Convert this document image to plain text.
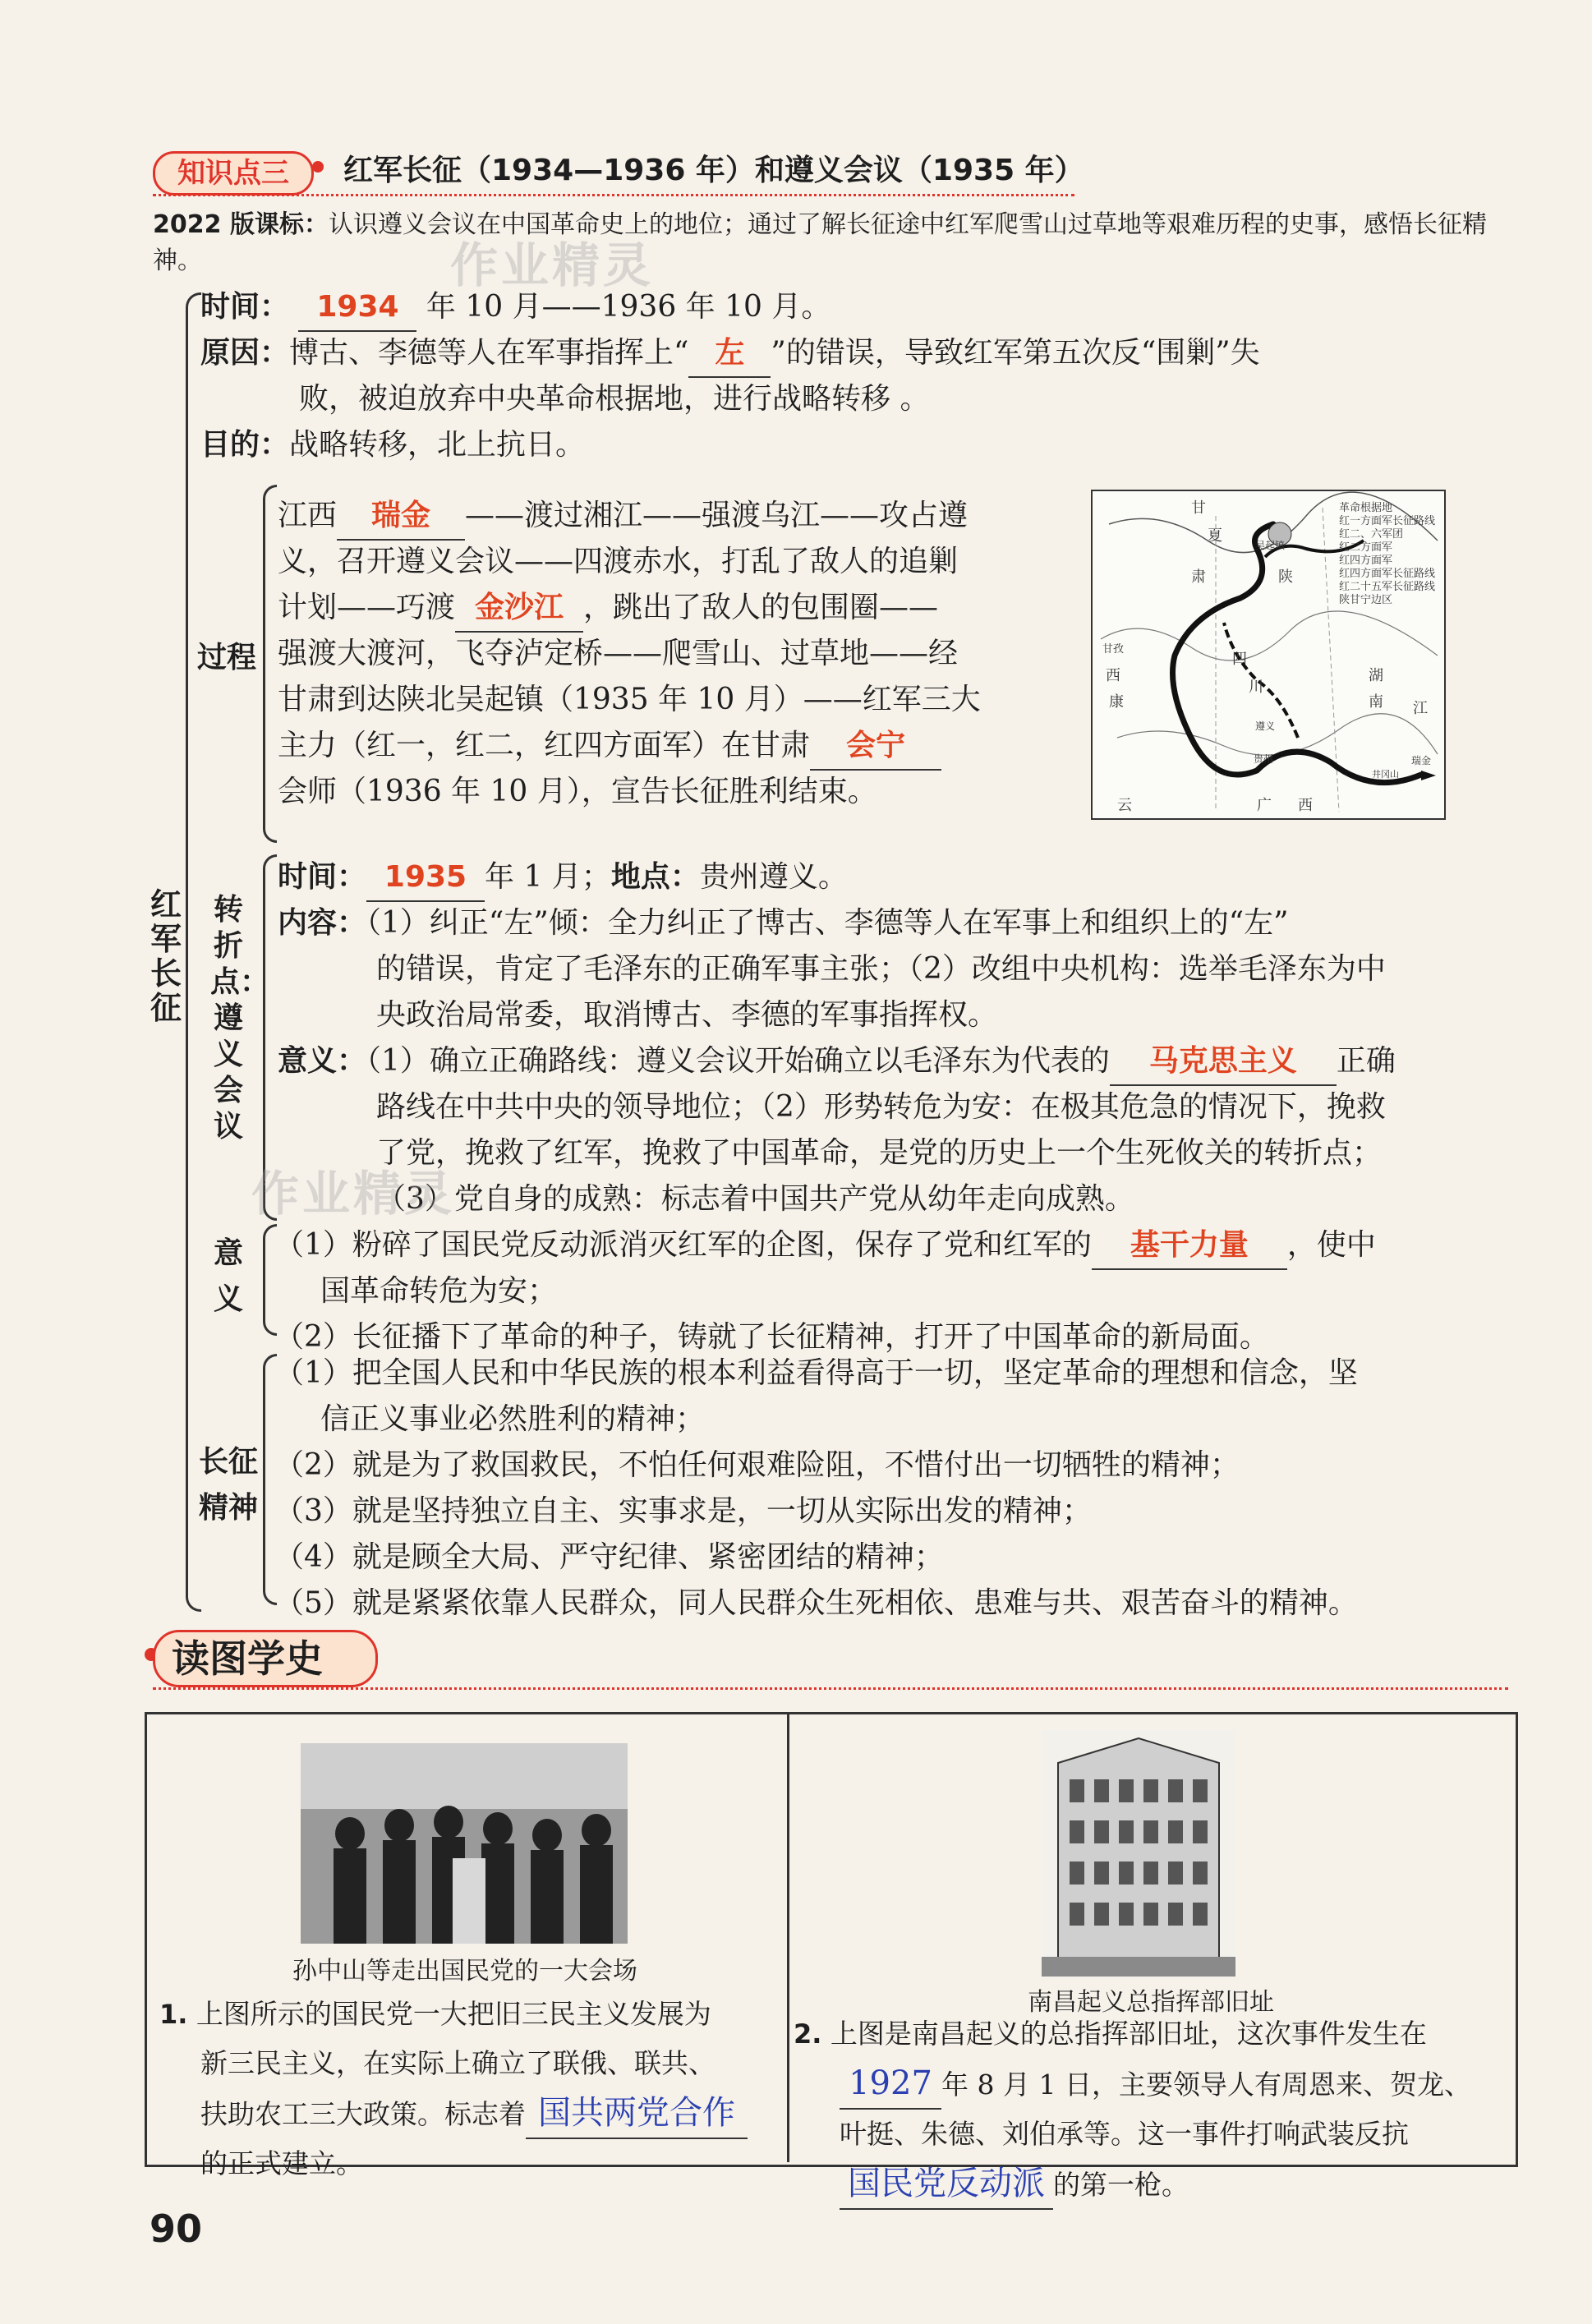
知识点三	红军长征（1934—1936 年）和遵义会议（1935 年）
2022 版课标：认识遵义会议在中国革命史上的地位；通过了解长征途中红军爬雪山过草地等艰难历程的史事，感悟长征精神。	作业精灵
红军长征
时间： 1934 年 10 月——1936 年 10 月。
原因：博古、李德等人在军事指挥上“ 左 ”的错误，导致红军第五次反“围剿”失
败，被迫放弃中央革命根据地，进行战略转移 。
目的：战略转移，北上抗日。
过程
江西 瑞金 ——渡过湘江——强渡乌江——攻占遵
义，召开遵义会议——四渡赤水，打乱了敌人的追剿
计划——巧渡 金沙江 ，跳出了敌人的包围圈——
强渡大渡河，飞夺泸定桥——爬雪山、过草地——经
甘肃到达陕北吴起镇（1935 年 10 月）——红军三大
主力（红一，红二，红四方面军）在甘肃 会宁
会师（1936 年 10 月），宣告长征胜利结束。
革命根据地
红一方面军长征路线
红二、六军团
红二方面军
红四方面军
红四方面军长征路线
红二十五军长征路线
陕甘宁边区
甘
夏
肃	陕
吴起镇
甘孜
西
康
四
川
湖
南 江
遵义
贵州
云	广 西
瑞金
井冈山
转折点：遵义会议
时间： 1935 年 1 月；地点：贵州遵义。
内容：（1）纠正“左”倾：全力纠正了博古、李德等人在军事上和组织上的“左”
的错误，肯定了毛泽东的正确军事主张；（2）改组中央机构：选举毛泽东为中
央政治局常委，取消博古、李德的军事指挥权。
意义：（1）确立正确路线：遵义会议开始确立以毛泽东为代表的 马克思主义 正确
路线在中共中央的领导地位；（2）形势转危为安：在极其危急的情况下，挽救
了党，挽救了红军，挽救了中国革命，是党的历史上一个生死攸关的转折点；
（3）党自身的成熟：标志着中国共产党从幼年走向成熟。
作业精灵
意义
（1）粉碎了国民党反动派消灭红军的企图，保存了党和红军的 基干力量 ，使中
国革命转危为安；
（2）长征播下了革命的种子，铸就了长征精神，打开了中国革命的新局面。
长征精神
（1）把全国人民和中华民族的根本利益看得高于一切，坚定革命的理想和信念，坚
信正义事业必然胜利的精神；
（2）就是为了救国救民，不怕任何艰难险阻，不惜付出一切牺牲的精神；
（3）就是坚持独立自主、实事求是，一切从实际出发的精神；
（4）就是顾全大局、严守纪律、紧密团结的精神；
（5）就是紧紧依靠人民群众，同人民群众生死相依、患难与共、艰苦奋斗的精神。
读图学史
孙中山等走出国民党的一大会场
1. 上图所示的国民党一大把旧三民主义发展为
新三民主义，在实际上确立了联俄、联共、
扶助农工三大政策。标志着 国共两党合作
的正式建立。
南昌起义总指挥部旧址
2. 上图是南昌起义的总指挥部旧址，这次事件发生在
1927 年 8 月 1 日，主要领导人有周恩来、贺龙、
叶挺、朱德、刘伯承等。这一事件打响武装反抗
国民党反动派 的第一枪。
90
